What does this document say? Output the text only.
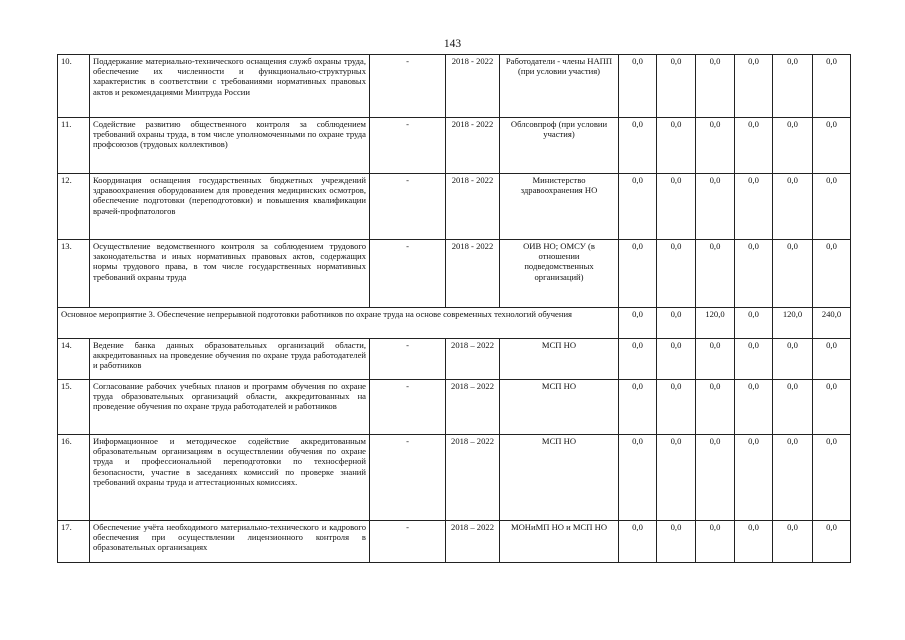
143
10.	Поддержание материально-технического оснащения служб охраны труда, обеспечение их численности и функционально-структурных характеристик в соответствии с требованиями нормативных правовых актов и рекомендациями Минтруда России	-	2018 - 2022	Работодатели - члены НАПП (при условии участия)	0,0	0,0	0,0	0,0	0,0	0,0
11.	Содействие развитию общественного контроля за соблюдением требований охраны труда, в том числе уполномоченными по охране труда профсоюзов (трудовых коллективов)	-	2018 - 2022	Облсовпроф (при условии участия)	0,0	0,0	0,0	0,0	0,0	0,0
12.	Координация оснащения государственных бюджетных учреждений здравоохранения оборудованием для проведения медицинских осмотров, обеспечение подготовки (переподготовки) и повышения квалификации врачей-профпатологов	-	2018 - 2022	Министерство здравоохранения НО	0,0	0,0	0,0	0,0	0,0	0,0
13.	Осуществление ведомственного контроля за соблюдением трудового законодательства и иных нормативных правовых актов, содержащих нормы трудового права, в том числе государственных нормативных требований охраны труда	-	2018 - 2022	ОИВ НО; ОМСУ (в отношении подведомственных организаций)	0,0	0,0	0,0	0,0	0,0	0,0
Основное мероприятие 3. Обеспечение непрерывной подготовки работников по охране труда на основе современных технологий обучения					0,0	0,0	120,0	0,0	120,0	240,0
14.	Ведение банка данных образовательных организаций области, аккредитованных на проведение обучения по охране труда работодателей и работников	-	2018 – 2022	МСП НО	0,0	0,0	0,0	0,0	0,0	0,0
15.	Согласование рабочих учебных планов и программ обучения по охране труда образовательных организаций области, аккредитованных на проведение обучения по охране труда работодателей и работников	-	2018 – 2022	МСП НО	0,0	0,0	0,0	0,0	0,0	0,0
16.	Информационное и методическое содействие аккредитованным образовательным организациям в осуществлении обучения по охране труда и профессиональной переподготовки по техносферной безопасности, участие в заседаниях комиссий по проверке знаний требований охраны труда и аттестационных комиссиях.	-	2018 – 2022	МСП НО	0,0	0,0	0,0	0,0	0,0	0,0
17.	Обеспечение учёта необходимого материально-технического и кадрового обеспечения при осуществлении лицензионного контроля в образовательных организациях	-	2018 – 2022	МОНиМП НО и МСП НО	0,0	0,0	0,0	0,0	0,0	0,0
